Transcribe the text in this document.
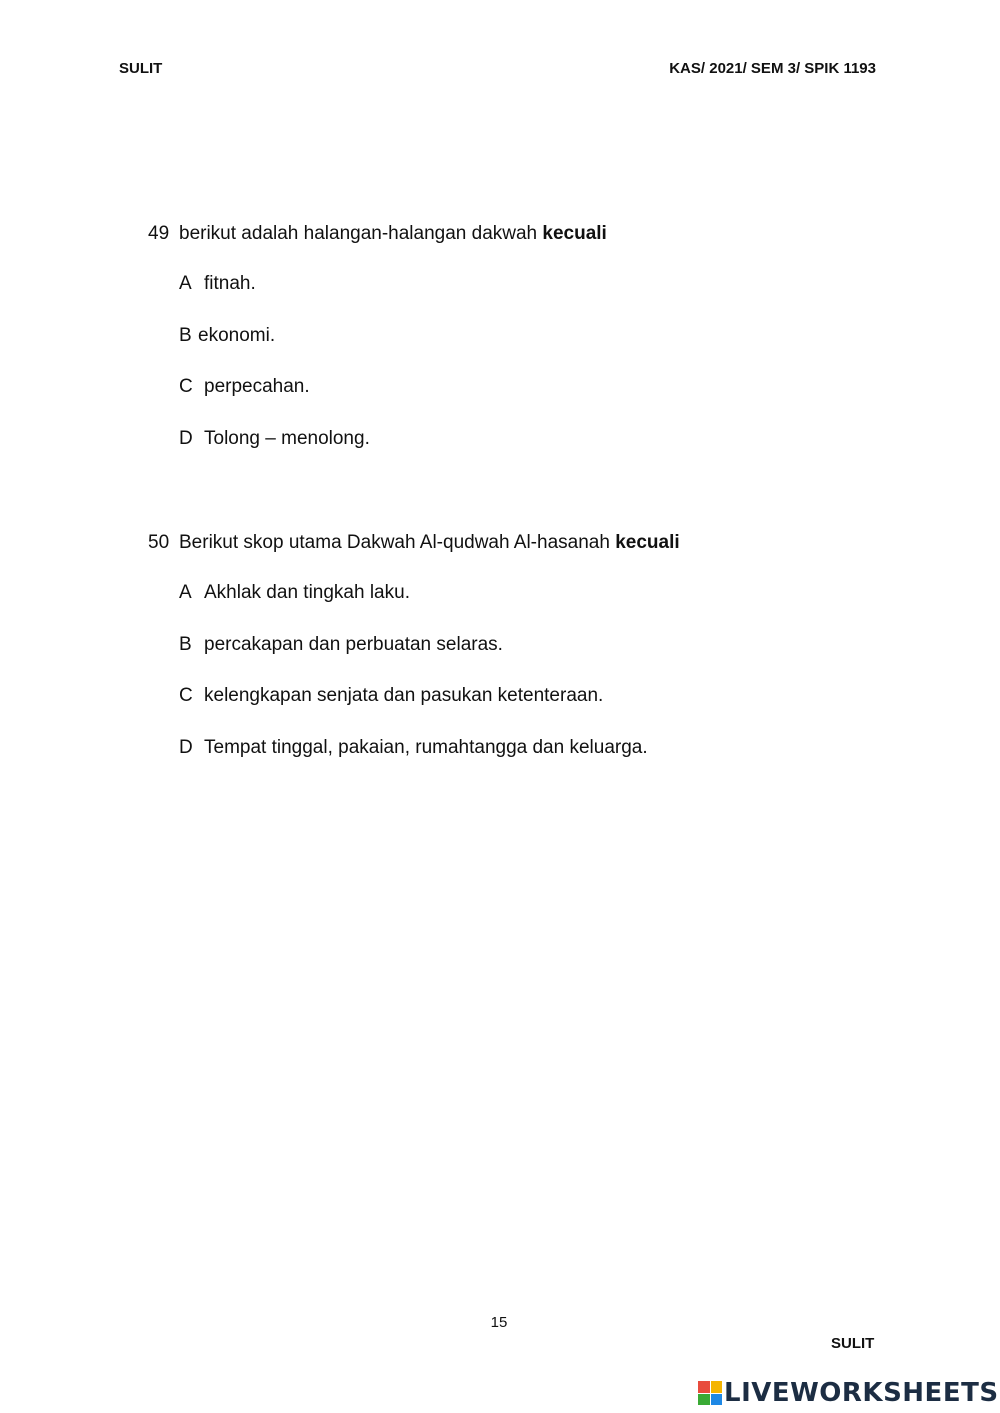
SULIT	KAS/ 2021/ SEM 3/ SPIK 1193

49 berikut adalah halangan-halangan dakwah kecuali

A fitnah.

B ekonomi.

C perpecahan.

D Tolong – menolong.

50 Berikut skop utama Dakwah Al-qudwah Al-hasanah kecuali

A Akhlak dan tingkah laku.

B percakapan dan perbuatan selaras.

C kelengkapan senjata dan pasukan ketenteraan.

D Tempat tinggal, pakaian, rumahtangga dan keluarga.

15
SULIT
LIVEWORKSHEETS
